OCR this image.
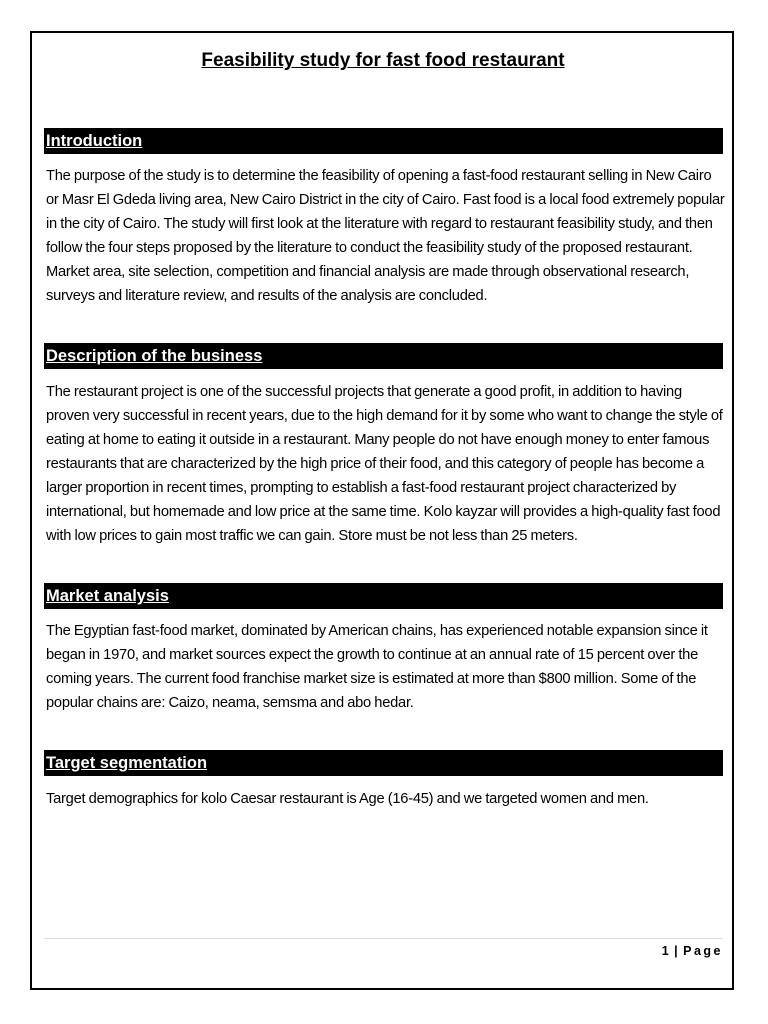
Feasibility study for fast food restaurant
Introduction
The purpose of the study is to determine the feasibility of opening a fast-food restaurant selling in New Cairo or Masr El Gdeda living area, New Cairo District in the city of Cairo. Fast food is a local food extremely popular in the city of Cairo. The study will first look at the literature with regard to restaurant feasibility study, and then follow the four steps proposed by the literature to conduct the feasibility study of the proposed restaurant. Market area, site selection, competition and financial analysis are made through observational research, surveys and literature review, and results of the analysis are concluded.
Description of the business
The restaurant project is one of the successful projects that generate a good profit, in addition to having proven very successful in recent years, due to the high demand for it by some who want to change the style of eating at home to eating it outside in a restaurant. Many people do not have enough money to enter famous restaurants that are characterized by the high price of their food, and this category of people has become a larger proportion in recent times, prompting to establish a fast-food restaurant project characterized by international, but homemade and low price at the same time. Kolo kayzar will provides a high-quality fast food with low prices to gain most traffic we can gain. Store must be not less than 25 meters.
Market analysis
The Egyptian fast-food market, dominated by American chains, has experienced notable expansion since it began in 1970, and market sources expect the growth to continue at an annual rate of 15 percent over the coming years. The current food franchise market size is estimated at more than $800 million. Some of the popular chains are: Caizo, neama, semsma and abo hedar.
Target segmentation
Target demographics for kolo Caesar restaurant is Age (16-45) and we targeted women and men.
1 | Page
